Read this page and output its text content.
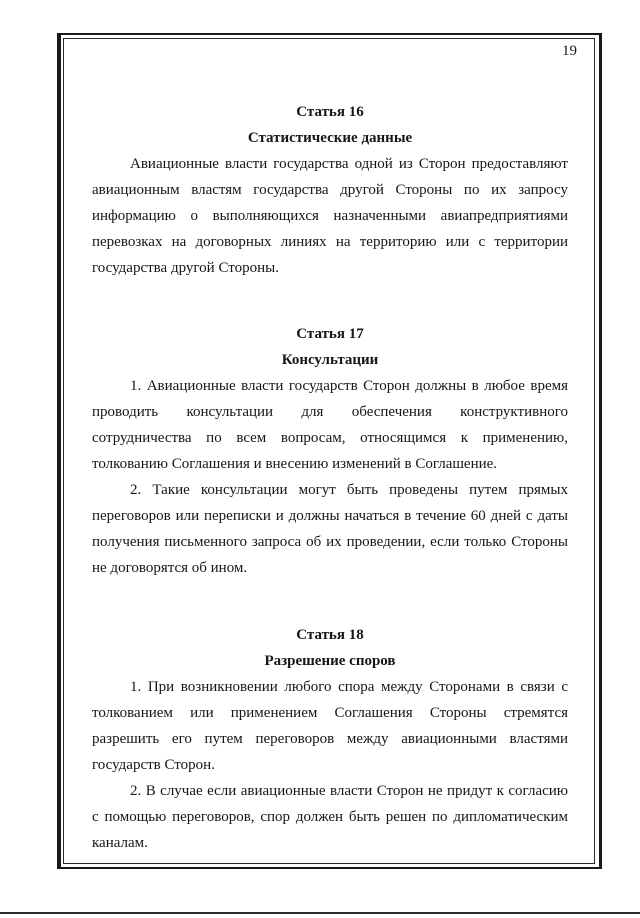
19

Статья 16

Статистические данные

Авиационные власти государства одной из Сторон предоставляют авиационным властям государства другой Стороны по их запросу информацию о выполняющихся назначенными авиапредприятиями перевозках на договорных линиях на территорию или с территории государства другой Стороны.

Статья 17

Консультации

1. Авиационные власти государств Сторон должны в любое время проводить консультации для обеспечения конструктивного сотрудничества по всем вопросам, относящимся к применению, толкованию Соглашения и внесению изменений в Соглашение.

2. Такие консультации могут быть проведены путем прямых переговоров или переписки и должны начаться в течение 60 дней с даты получения письменного запроса об их проведении, если только Стороны не договорятся об ином.

Статья 18

Разрешение споров

1. При возникновении любого спора между Сторонами в связи с толкованием или применением Соглашения Стороны стремятся разрешить его путем переговоров между авиационными властями государств Сторон.

2. В случае если авиационные власти Сторон не придут к согласию с помощью переговоров, спор должен быть решен по дипломатическим каналам.
